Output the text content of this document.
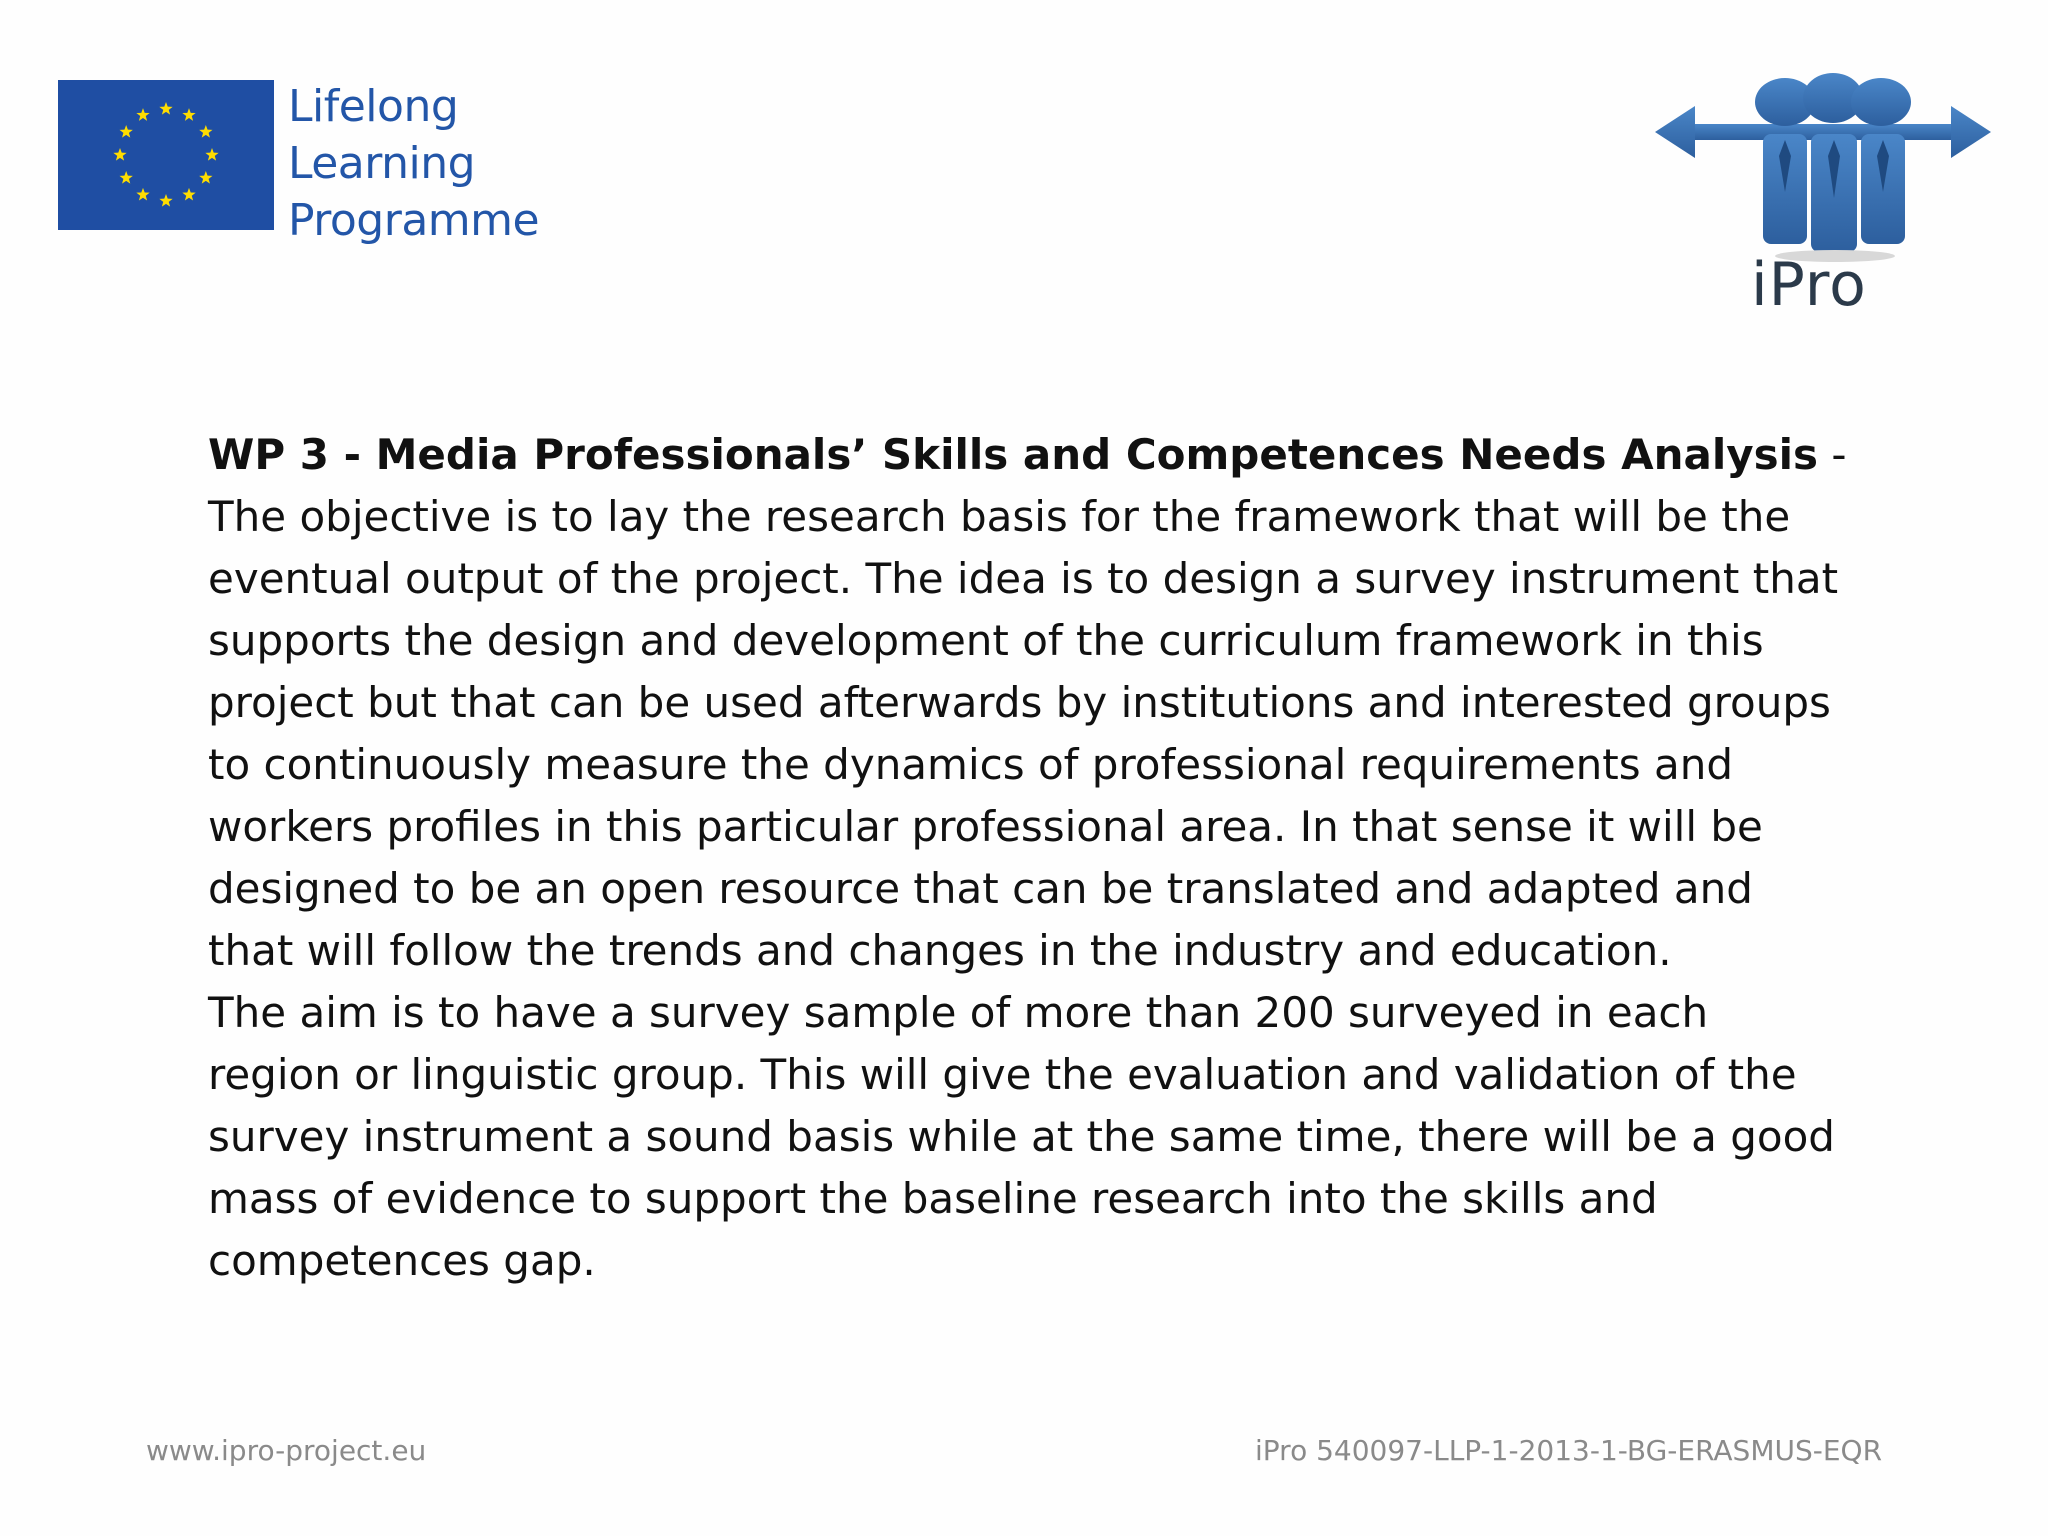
Lifelong
Learning
Programme
iPro

WP 3 - Media Professionals’ Skills and Competences Needs Analysis - The objective is to lay the research basis for the framework that will be the eventual output of the project. The idea is to design a survey instrument that supports the design and development of the curriculum framework in this project but that can be used afterwards by institutions and interested groups to continuously measure the dynamics of professional requirements and workers profiles in this particular professional area. In that sense it will be designed to be an open resource that can be translated and adapted and that will follow the trends and changes in the industry and education.

The aim is to have a survey sample of more than 200 surveyed in each region or linguistic group. This will give the evaluation and validation of the survey instrument a sound basis while at the same time, there will be a good mass of evidence to support the baseline research into the skills and competences gap.

www.ipro-project.eu	iPro 540097-LLP-1-2013-1-BG-ERASMUS-EQR
